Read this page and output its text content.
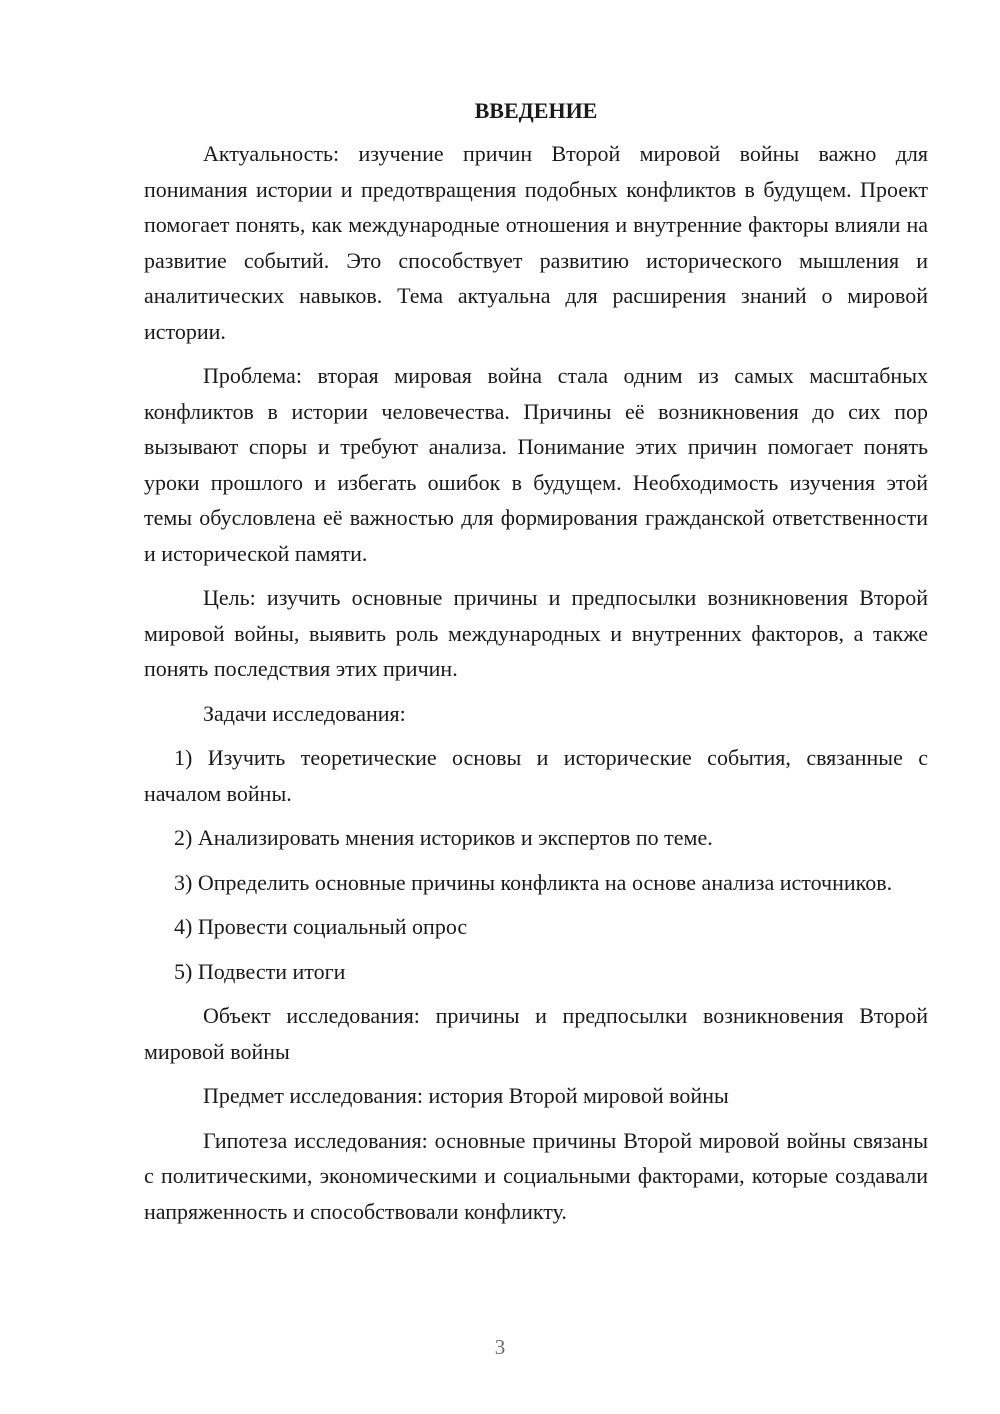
ВВЕДЕНИЕ

Актуальность: изучение причин Второй мировой войны важно для понимания истории и предотвращения подобных конфликтов в будущем. Проект помогает понять, как международные отношения и внутренние факторы влияли на развитие событий. Это способствует развитию исторического мышления и аналитических навыков. Тема актуальна для расширения знаний о мировой истории.

Проблема: вторая мировая война стала одним из самых масштабных конфликтов в истории человечества. Причины её возникновения до сих пор вызывают споры и требуют анализа. Понимание этих причин помогает понять уроки прошлого и избегать ошибок в будущем. Необходимость изучения этой темы обусловлена её важностью для формирования гражданской ответственности и исторической памяти.

Цель: изучить основные причины и предпосылки возникновения Второй мировой войны, выявить роль международных и внутренних факторов, а также понять последствия этих причин.

Задачи исследования:

1) Изучить теоретические основы и исторические события, связанные с началом войны.

2) Анализировать мнения историков и экспертов по теме.

3) Определить основные причины конфликта на основе анализа источников.

4) Провести социальный опрос

5) Подвести итоги

Объект исследования: причины и предпосылки возникновения Второй мировой войны

Предмет исследования: история Второй мировой войны

Гипотеза исследования: основные причины Второй мировой войны связаны с политическими, экономическими и социальными факторами, которые создавали напряженность и способствовали конфликту.

3
